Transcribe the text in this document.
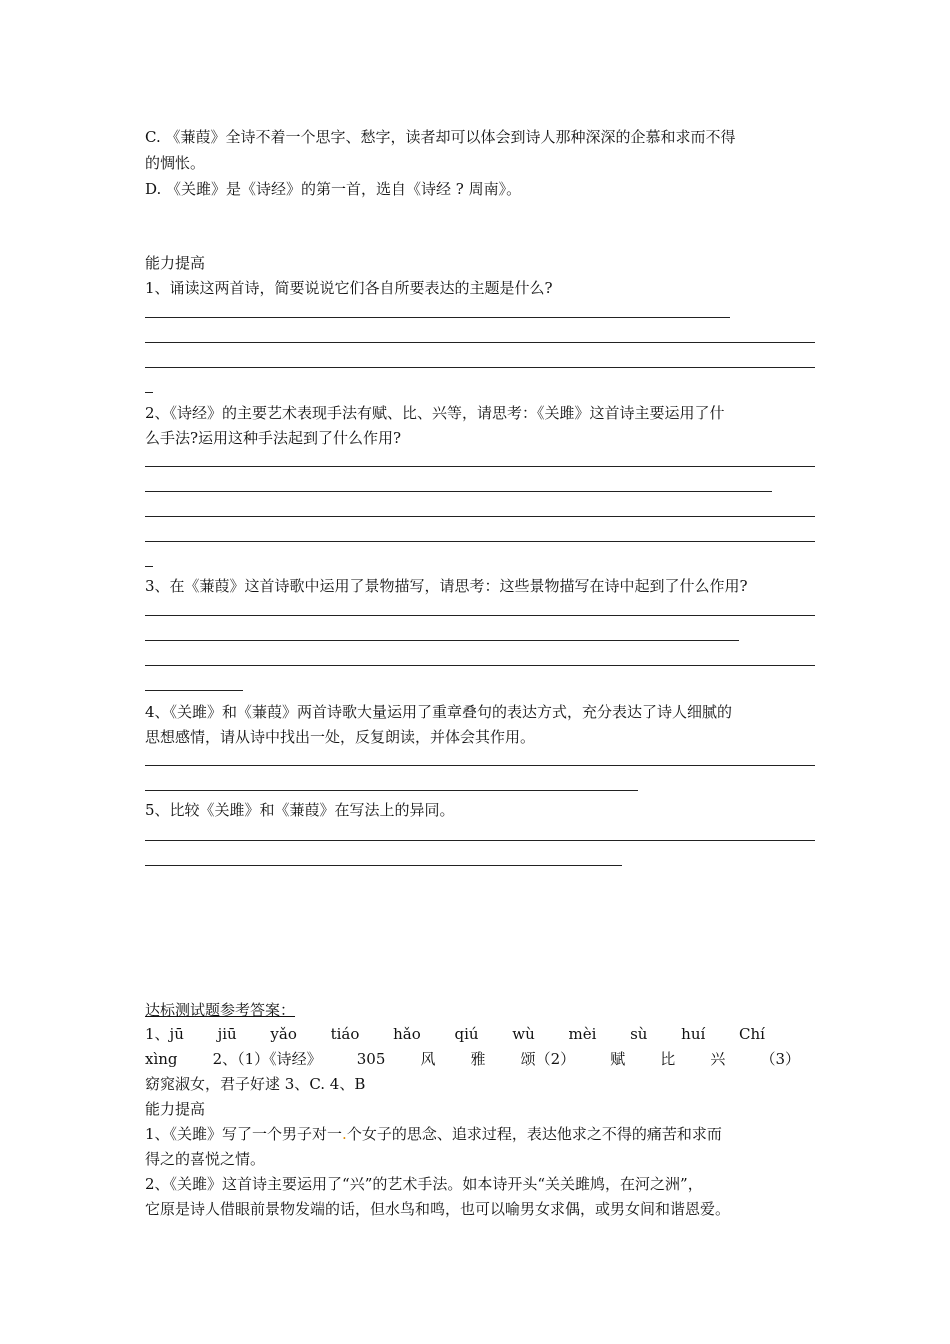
C. 《蒹葭》全诗不着一个思字、愁字，读者却可以体会到诗人那种深深的企慕和求而不得
的惆怅。
D. 《关雎》是《诗经》的第一首，选自《诗经 ? 周南》。
能力提高
1、诵读这两首诗，简要说说它们各自所要表达的主题是什么?
2、《诗经》的主要艺术表现手法有赋、比、兴等，请思考：《关雎》这首诗主要运用了什
么手法?运用这种手法起到了什么作用?
3、在《蒹葭》这首诗歌中运用了景物描写，请思考：这些景物描写在诗中起到了什么作用?
4、《关雎》和《蒹葭》两首诗歌大量运用了重章叠句的表达方式，充分表达了诗人细腻的
思想感情，请从诗中找出一处，反复朗读，并体会其作用。
5、比较《关雎》和《蒹葭》在写法上的异同。
达标测试题参考答案：
1、jū jiū yǎo tiáo hǎo qiú wù mèi sù huí Chí
xìng 2、（1）《诗经》 305 风 雅 颂（2） 赋 比 兴 （3）
窈窕淑女，君子好逑 3、C. 4、B
能力提高
1、《关雎》写了一个男子对一.个女子的思念、追求过程，表达他求之不得的痛苦和求而
得之的喜悦之情。
2、《关雎》这首诗主要运用了“兴”的艺术手法。如本诗开头“关关雎鸠，在河之洲”，
它原是诗人借眼前景物发端的话，但水鸟和鸣，也可以喻男女求偶，或男女间和谐恩爱。
